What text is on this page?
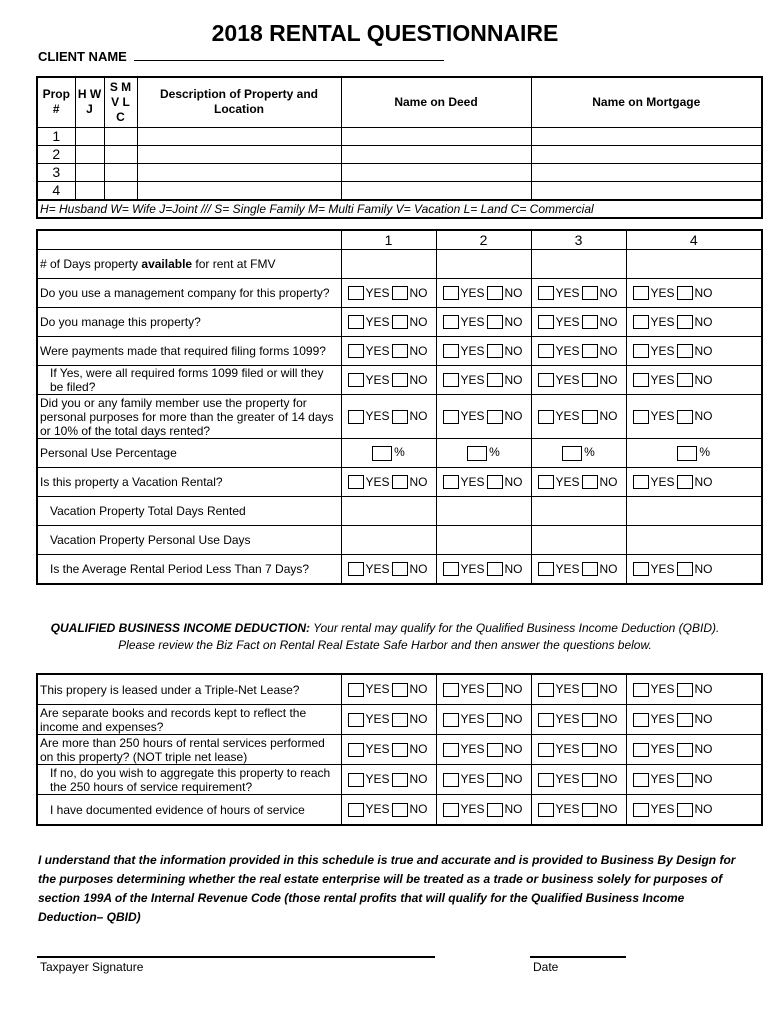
2018 RENTAL QUESTIONNAIRE
CLIENT NAME
Prop #	H W J	S M V L C	Description of Property and Location	Name on Deed	Name on Mortgage
1					
2					
3					
4					
H= Husband W= Wife J=Joint /// S= Single Family M= Multi Family V= Vacation L= Land C= Commercial					
	1	2	3	4
# of Days property available for rent at FMV				
Do you use a management company for this property?	YES NO	YES NO	YES NO	YES NO
Do you manage this property?	YES NO	YES NO	YES NO	YES NO
Were payments made that required filing forms 1099?	YES NO	YES NO	YES NO	YES NO
If Yes, were all required forms 1099 filed or will they be filed?	YES NO	YES NO	YES NO	YES NO
Did you or any family member use the property for personal purposes for more than the greater of 14 days or 10% of the total days rented?	YES NO	YES NO	YES NO	YES NO
Personal Use Percentage	%	%	%	%
Is this property a Vacation Rental?	YES NO	YES NO	YES NO	YES NO
Vacation Property Total Days Rented				
Vacation Property Personal Use Days				
Is the Average Rental Period Less Than 7 Days?	YES NO	YES NO	YES NO	YES NO
QUALIFIED BUSINESS INCOME DEDUCTION: Your rental may qualify for the Qualified Business Income Deduction (QBID). Please review the Biz Fact on Rental Real Estate Safe Harbor and then answer the questions below.
This propery is leased under a Triple-Net Lease?	YES NO	YES NO	YES NO	YES NO
Are separate books and records kept to reflect the income and expenses?	YES NO	YES NO	YES NO	YES NO
Are more than 250 hours of rental services performed on this property? (NOT triple net lease)	YES NO	YES NO	YES NO	YES NO
If no, do you wish to aggregate this property to reach the 250 hours of service requirement?	YES NO	YES NO	YES NO	YES NO
I have documented evidence of hours of service	YES NO	YES NO	YES NO	YES NO
I understand that the information provided in this schedule is true and accurate and is provided to Business By Design for the purposes determining whether the real estate enterprise will be treated as a trade or business solely for purposes of section 199A of the Internal Revenue Code (those rental profits that will qualify for the Qualified Business Income Deduction– QBID)
Taxpayer Signature	Date
